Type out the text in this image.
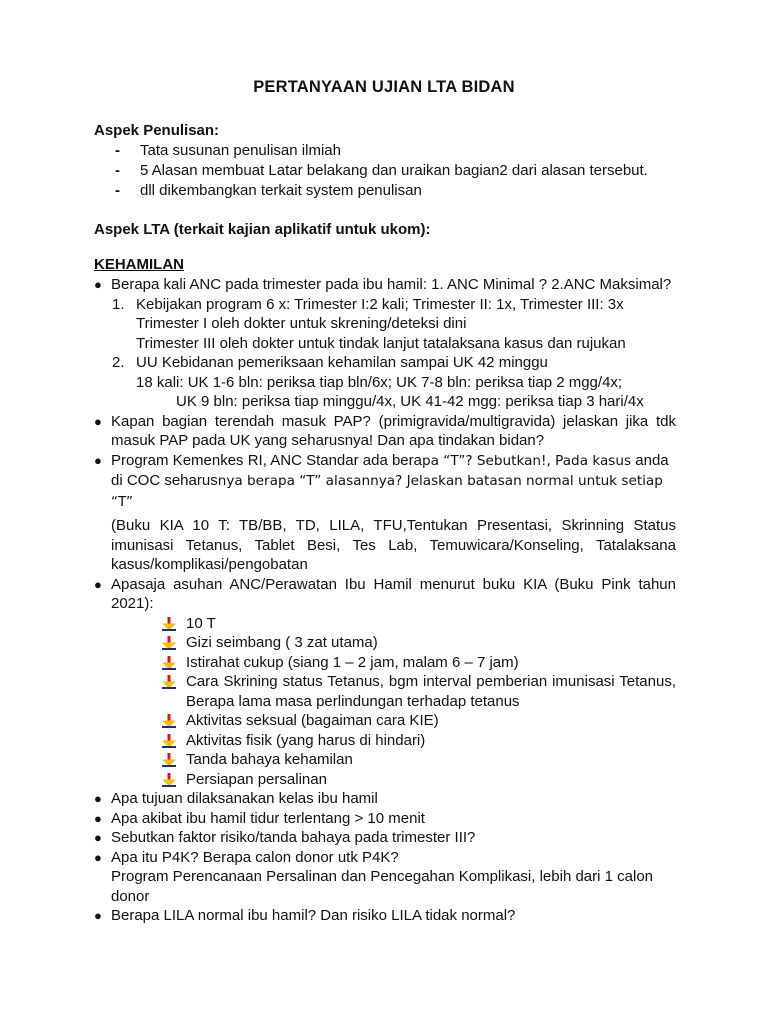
PERTANYAAN UJIAN LTA BIDAN
Aspek Penulisan:
- Tata susunan penulisan ilmiah
- 5 Alasan membuat Latar belakang dan uraikan bagian2 dari alasan tersebut.
- dll dikembangkan terkait system penulisan
Aspek LTA (terkait kajian aplikatif untuk ukom):
KEHAMILAN
● Berapa kali ANC pada trimester pada ibu hamil: 1. ANC Minimal ? 2.ANC Maksimal?
1. Kebijakan program 6 x: Trimester I:2 kali; Trimester II: 1x, Trimester III: 3x
Trimester I oleh dokter untuk skrening/deteksi dini
Trimester III oleh dokter untuk tindak lanjut tatalaksana kasus dan rujukan
2. UU Kebidanan pemeriksaan kehamilan sampai UK 42 minggu
18 kali: UK 1-6 bln: periksa tiap bln/6x; UK 7-8 bln: periksa tiap 2 mgg/4x;
UK 9 bln: periksa tiap minggu/4x, UK 41-42 mgg: periksa tiap 3 hari/4x
● Kapan bagian terendah masuk PAP? (primigravida/multigravida) jelaskan jika tdk masuk PAP pada UK yang seharusnya! Dan apa tindakan bidan?
● Program Kemenkes RI, ANC Standar ada berapa “T”? Sebutkan!, Pada kasus anda di COC seharusnya berapa “T” alasannya? Jelaskan batasan normal untuk setiap “T”
(Buku KIA 10 T: TB/BB, TD, LILA, TFU,Tentukan Presentasi, Skrinning Status imunisasi Tetanus, Tablet Besi, Tes Lab, Temuwicara/Konseling, Tatalaksana kasus/komplikasi/pengobatan
● Apasaja asuhan ANC/Perawatan Ibu Hamil menurut buku KIA (Buku Pink tahun 2021):
10 T
Gizi seimbang ( 3 zat utama)
Istirahat cukup (siang 1 – 2 jam, malam 6 – 7 jam)
Cara Skrining status Tetanus, bgm interval pemberian imunisasi Tetanus, Berapa lama masa perlindungan terhadap tetanus
Aktivitas seksual (bagaiman cara KIE)
Aktivitas fisik (yang harus di hindari)
Tanda bahaya kehamilan
Persiapan persalinan
● Apa tujuan dilaksanakan kelas ibu hamil
● Apa akibat ibu hamil tidur terlentang > 10 menit
● Sebutkan faktor risiko/tanda bahaya pada trimester III?
● Apa itu P4K? Berapa calon donor utk P4K?
Program Perencanaan Persalinan dan Pencegahan Komplikasi, lebih dari 1 calon donor
● Berapa LILA normal ibu hamil? Dan risiko LILA tidak normal?
